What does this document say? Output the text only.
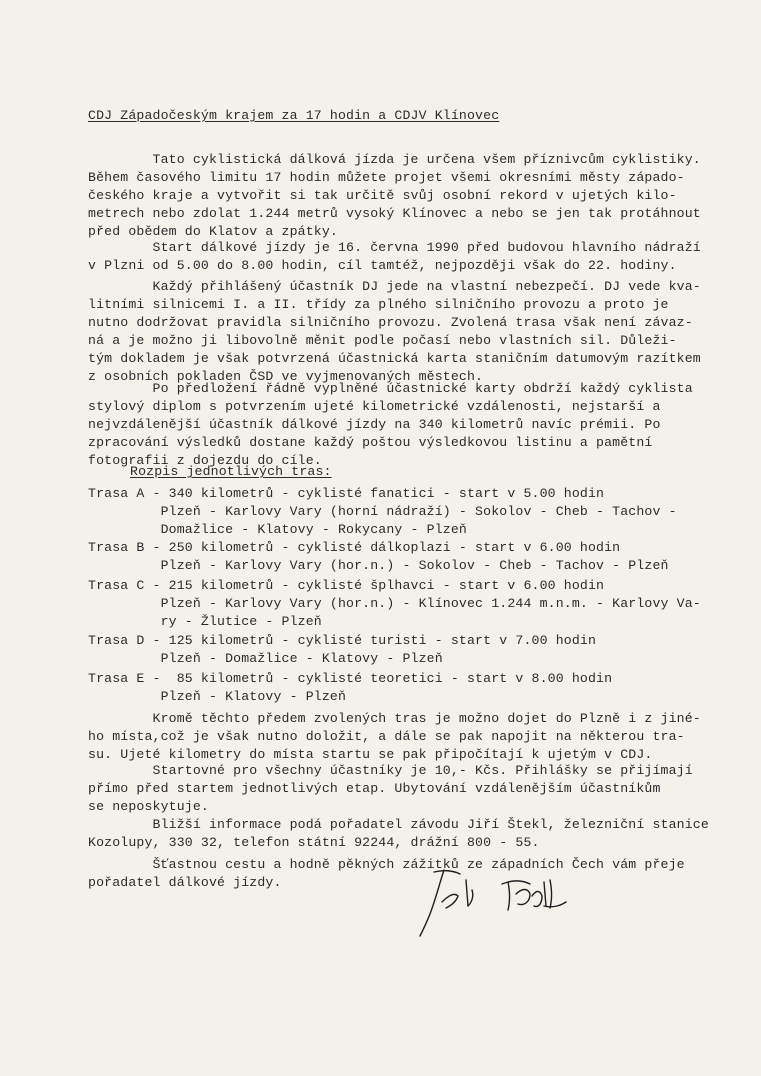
CDJ Západočeským krajem za 17 hodin a CDJV Klínovec
Tato cyklistická dálková jízda je určena všem příznivcům cyklistiky.
Během časového limitu 17 hodin můžete projet všemi okresními městy západo-
českého kraje a vytvořit si tak určitě svůj osobní rekord v ujetých kilo-
metrech nebo zdolat 1.244 metrů vysoký Klínovec a nebo se jen tak protáhnout
před obědem do Klatov a zpátky.
Start dálkové jízdy je 16. června 1990 před budovou hlavního nádraží
v Plzni od 5.00 do 8.00 hodin, cíl tamtéž, nejpozději však do 22. hodiny.
Každý přihlášený účastník DJ jede na vlastní nebezpečí. DJ vede kva-
litními silnicemi I. a II. třídy za plného silničního provozu a proto je
nutno dodržovat pravidla silničního provozu. Zvolená trasa však není závaz-
ná a je možno ji libovolně měnit podle počasí nebo vlastních sil. Důleži-
tým dokladem je však potvrzená účastnická karta staničním datumovým razítkem
z osobních pokladen ČSD ve vyjmenovaných městech.
Po předložení řádně vyplněné účastnické karty obdrží každý cyklista
stylový diplom s potvrzením ujeté kilometrické vzdálenosti, nejstarší a
nejvzdálenější účastník dálkové jízdy na 340 kilometrů navíc prémii. Po
zpracování výsledků dostane každý poštou výsledkovou listinu a pamětní
fotografii z dojezdu do cíle.
Rozpis jednotlivých tras:
Trasa A - 340 kilometrů - cyklisté fanatici - start v 5.00 hodin
Plzeň - Karlovy Vary (horní nádraží) - Sokolov - Cheb - Tachov -
Domažlice - Klatovy - Rokycany - Plzeň
Trasa B - 250 kilometrů - cyklisté dálkoplazi - start v 6.00 hodin
Plzeň - Karlovy Vary (hor.n.) - Sokolov - Cheb - Tachov - Plzeň
Trasa C - 215 kilometrů - cyklisté šplhavci - start v 6.00 hodin
Plzeň - Karlovy Vary (hor.n.) - Klínovec 1.244 m.n.m. - Karlovy Va-
ry - Žlutice - Plzeň
Trasa D - 125 kilometrů - cyklisté turisti - start v 7.00 hodin
Plzeň - Domažlice - Klatovy - Plzeň
Trasa E -  85 kilometrů - cyklisté teoretici - start v 8.00 hodin
Plzeň - Klatovy - Plzeň
Kromě těchto předem zvolených tras je možno dojet do Plzně i z jiné-
ho místa,což je však nutno doložit, a dále se pak napojit na některou tra-
su. Ujeté kilometry do místa startu se pak připočítají k ujetým v CDJ.
Startovné pro všechny účastníky je 10,- Kčs. Přihlášky se přijímají
přímo před startem jednotlivých etap. Ubytování vzdálenějším účastníkům
se neposkytuje.
Bližší informace podá pořadatel závodu Jiří Štekl, železniční stanice
Kozolupy, 330 32, telefon státní 92244, drážní 800 - 55.
Šťastnou cestu a hodně pěkných zážitků ze západních Čech vám přeje
pořadatel dálkové jízdy.
